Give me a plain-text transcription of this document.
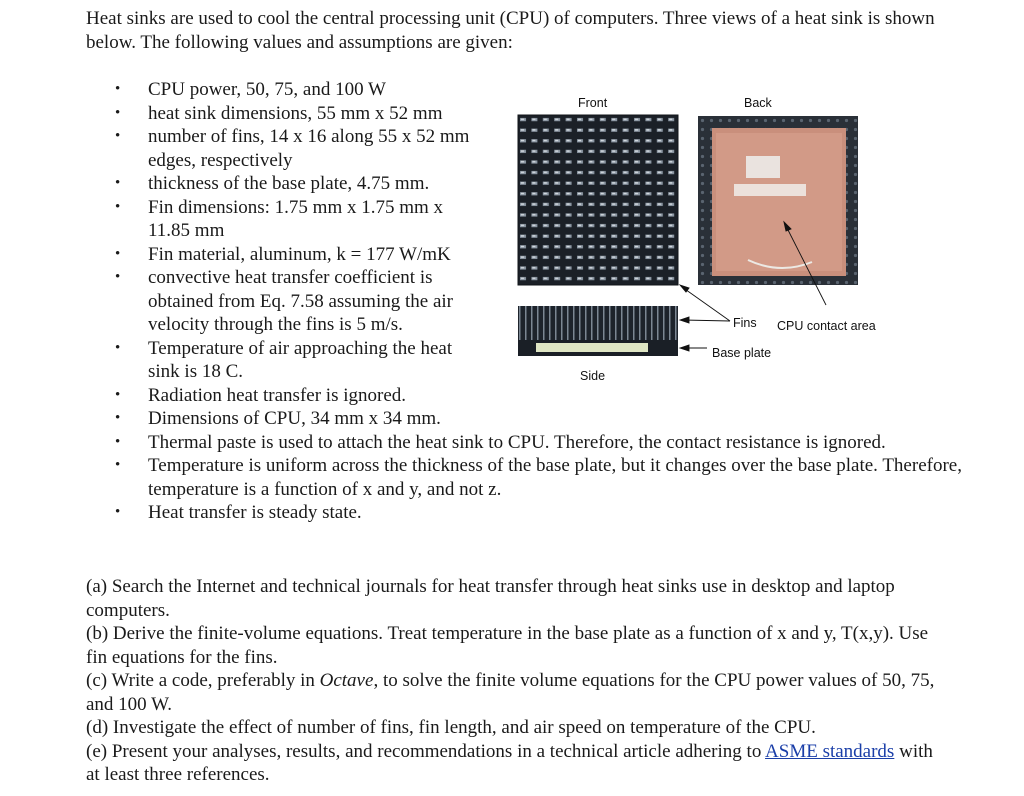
Heat sinks are used to cool the central processing unit (CPU) of computers. Three views of a heat sink is shown below. The following values and assumptions are given:

• CPU power, 50, 75, and 100 W
• heat sink dimensions, 55 mm x 52 mm
• number of fins, 14 x 16 along 55 x 52 mm edges, respectively
• thickness of the base plate, 4.75 mm.
• Fin dimensions: 1.75 mm x 1.75 mm x 11.85 mm
• Fin material, aluminum, k = 177 W/mK
• convective heat transfer coefficient is obtained from Eq. 7.58 assuming the air velocity through the fins is 5 m/s.
• Temperature of air approaching the heat sink is 18 C.
• Radiation heat transfer is ignored.
• Dimensions of CPU, 34 mm x 34 mm.
• Thermal paste is used to attach the heat sink to CPU. Therefore, the contact resistance is ignored.
• Temperature is uniform across the thickness of the base plate, but it changes over the base plate. Therefore, temperature is a function of x and y, and not z.
• Heat transfer is steady state.

(a) Search the Internet and technical journals for heat transfer through heat sinks use in desktop and laptop computers.

(b) Derive the finite-volume equations. Treat temperature in the base plate as a function of x and y, T(x,y). Use fin equations for the fins.

(c) Write a code, preferably in Octave, to solve the finite volume equations for the CPU power values of 50, 75, and 100 W.

(d) Investigate the effect of number of fins, fin length, and air speed on temperature of the CPU.

(e) Present your analyses, results, and recommendations in a technical article adhering to ASME standards with at least three references.

Front	Back
Side
Fins CPU contact area
Base plate
